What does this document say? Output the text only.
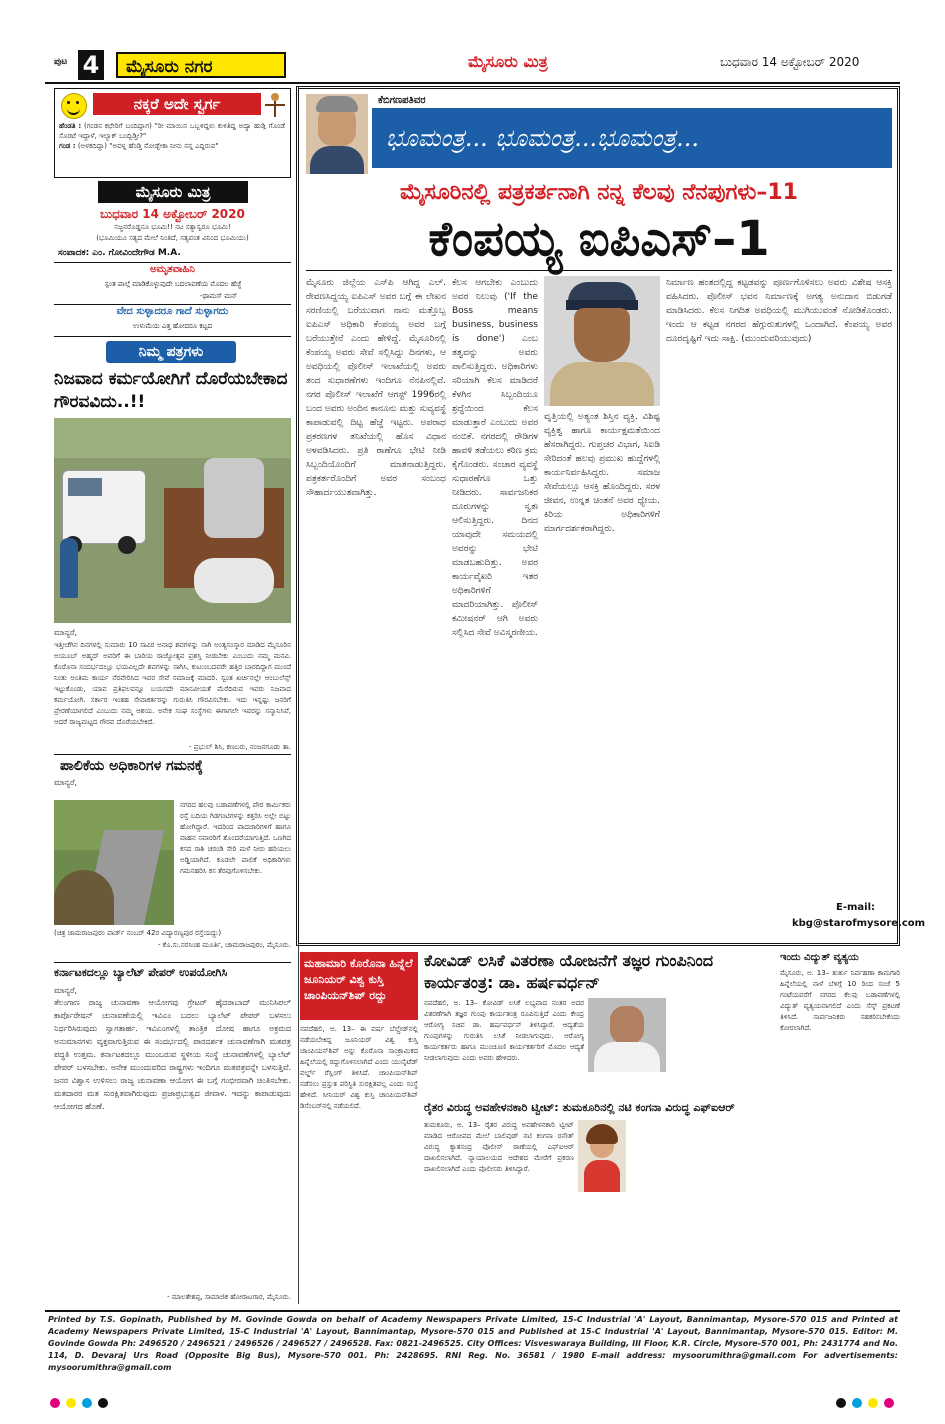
ಪುಟ 4	ಮೈಸೂರು ನಗರ	ಮೈಸೂರು ಮಿತ್ರ	ಬುಧವಾರ 14 ಅಕ್ಟೋಬರ್ 2020
ನಕ್ಕರೆ ಅದೇ ಸ್ವರ್ಗ
ಹೆಂಡತಿ : (ಗಂಡನ ಕಛೇರಿಗೆ ಬಂದಿದ್ದಾಗ) "ರೀ ಮಾಯಿನ ಒಬ್ಬಳಿದ್ದಳು ಕುಳಿತಿದ್ದ ಅದ್ಯಾ ಹುಡ್ಗಿ ಗೊಂಡೆ ಸೊರಟೆ ಇದ್ದಾಳೆ, ಇಲ್ಯಾಕ್ ಬಂದ್ಬಿಡ್ತೀ?"
ಗಂಡ : (ಅಳಕದಿದ್ದಾ) "ಅವಳ್ನ ಹೆಂಡ್ತಿ ನೋಡ್ಬೇಕಾ ನೀನು ನನ್ನ ಎದ್ದಿರುವ"
ಮೈಸೂರು ಮಿತ್ರ
ಬುಧವಾರ 14 ಅಕ್ಟೋಬರ್ 2020
ಸಜ್ಜನರೊಡ್ಡನೂ ಭೂಮಿ!! ನಟ ಸತ್ಯಾಸ್ವರೂ ಭೂಮಿ!
(ಭೂಮಿಯೂ ಸತ್ಯದ ಮೇಲೆ ನಿಂತಿದೆ, ಸತ್ಯವಂತ ವಿನಿಂದ ಭೂಮಿಯು)
ಸಂಪಾದಕ: ಎಂ. ಗೋವಿಂದೇಗೌಡ M.A.
ಅಮೃತವಾಹಿನಿ
ಸ್ಪಂತ ಪಾಲ್ಗೆ ಮಾಡಿಕೊಳ್ಳುವುದೇ ಬದಲಾವಣೆಯ ಮೊದಲ ಹೆಜ್ಜೆ
-ಥಾಮಸ್ ಮನ್
ವೇದ ಸುಳ್ಳಾದರೂ ಗಾದೆ ಸುಳ್ಳಾಗದು
ಉಳುಮೆಯ ಎತ್ತ ಹೋದರೂ ಕಟ್ಟದ
ನಿಮ್ಮ ಪತ್ರಗಳು
ನಿಜವಾದ ಕರ್ಮಯೋಗಿಗೆ ದೊರೆಯಬೇಕಾದ ಗೌರವವಿದು..!!
ಮಾನ್ಯರೆ,
ಇತ್ತೀಚೆಗಿನ ದಿನಗಳಲ್ಲಿ ಸುಮಾರು 10 ಸಾವಿರ ಅನಾಥ ಶವಗಳನ್ನು ನಾಗಿ ಅಂತ್ಯಸಂಸ್ಕಾರ ಮಾಡಿದ ಮೈಸೂರಿನ ಅಯೂಬ್ ಅಹ್ಮದ್ ಅವರಿಗೆ ಈ ಬಾರಿಯ ರಾಜ್ಯೋತ್ಸವ ಪ್ರಶಸ್ತಿ ನೀಡಬೇಕು ಎಂಬುದು ನಮ್ಮ ಮನವಿ. ಕೊರೊನಾ ಸಂದರ್ಭದಲ್ಲೂ ಭಯವಿಲ್ಲದೇ ಶವಗಳನ್ನು ಸಾಗಿಸಿ, ಕುಟುಂಬದವರೇ ಹತ್ತಿರ ಬಾರದಿದ್ದಾಗ ಮುಂದೆ ನಿಂತು ಅಂತಿಮ ಕಾರ್ಯ ನೆರವೇರಿಸಿದ ಇವರ ಸೇವೆ ಸಮಾಜಕ್ಕೆ ಮಾದರಿ. ಸ್ವಂತ ಖರ್ಚಿನಲ್ಲೇ ಆಂಬುಲೆನ್ಸ್ ಇಟ್ಟುಕೊಂಡು, ಯಾವ ಪ್ರತಿಫಲವನ್ನೂ ಬಯಸದೇ ಮಾನವೀಯತೆ ಮೆರೆದಿರುವ ಇವರು ನಿಜವಾದ ಕರ್ಮಯೋಗಿ. ಸರ್ಕಾರ ಇಂತಹ ಸೇವಾಕರ್ತರನ್ನು ಗುರುತಿಸಿ ಗೌರವಿಸಬೇಕು. ಇದು ಇನ್ನಷ್ಟು ಜನರಿಗೆ ಪ್ರೇರಣೆಯಾಗಲಿದೆ ಎಂಬುದು ನಮ್ಮ ಆಶಯ. ಅನೇಕ ಸಂಘ ಸಂಸ್ಥೆಗಳು ಈಗಾಗಲೇ ಇವರನ್ನು ಸನ್ಮಾನಿಸಿವೆ, ಆದರೆ ರಾಜ್ಯಮಟ್ಟದ ಗೌರವ ದೊರೆಯಬೇಕಿದೆ.
- ಪ್ರಭುಲ್ ಶಿಸಿ, ಕಣಬರು, ನಂಜನಗೂಡು ತಾ.
ಪಾಲಿಕೆಯ ಅಧಿಕಾರಿಗಳ ಗಮನಕ್ಕೆ
ಮಾನ್ಯರೆ,
ನಗರದ ಹಲವು ಬಡಾವಣೆಗಳಲ್ಲಿ ಪೌರ ಕಾರ್ಮಿಕರು ರಸ್ತೆ ಬದಿಯ ಗಿಡಗಂಟಿಗಳನ್ನು ಕತ್ತರಿಸಿ ಅಲ್ಲೇ ಬಿಟ್ಟು ಹೋಗಿದ್ದಾರೆ. ಇದರಿಂದ ಪಾದಚಾರಿಗಳಿಗೆ ಹಾಗೂ ವಾಹನ ಸವಾರರಿಗೆ ತೊಂದರೆಯಾಗುತ್ತಿದೆ. ಒಣಗಿದ ಕಸದ ರಾಶಿ ಚರಂಡಿ ಸೇರಿ ಮಳೆ ನೀರು ಹರಿಯಲು ಅಡ್ಡಿಯಾಗಿದೆ. ಕೂಡಲೇ ಪಾಲಿಕೆ ಅಧಿಕಾರಿಗಳು ಗಮನಹರಿಸಿ ಕಸ ತೆರವುಗೊಳಿಸಬೇಕು.
(ಚಿತ್ರ ಜಾಮರಾಜಪುರಂ ವಾರ್ಡ್ ನಂಬರ್ 42ರ ವಿದ್ಯಾರಣ್ಯಪುರ ರಸ್ತೆಯದ್ದು)
- ಕೊ.ಸು.ನರಸಿಂಹ ಮೂರ್ತಿ, ಚಾಮರಾಜಪುರಂ, ಮೈಸೂರು.
ಕರ್ನಾಟಕದಲ್ಲೂ ಬ್ಯಾಲೆಟ್ ಪೇಪರ್ ಉಪಯೋಗಿಸಿ
ಮಾನ್ಯರೆ,
ತೆಲಂಗಾಣ ರಾಜ್ಯ ಚುನಾವಣಾ ಆಯೋಗವು ಗ್ರೇಟರ್ ಹೈದರಾಬಾದ್ ಮುನಿಸಿಪಲ್ ಕಾರ್ಪೊರೇಷನ್ ಚುನಾವಣೆಯಲ್ಲಿ ಇವಿಎಂ ಬದಲು ಬ್ಯಾಲೆಟ್ ಪೇಪರ್ ಬಳಸಲು ನಿರ್ಧರಿಸಿರುವುದು ಸ್ವಾಗತಾರ್ಹ. ಇವಿಎಂಗಳಲ್ಲಿ ತಾಂತ್ರಿಕ ದೋಷ ಹಾಗೂ ಅಕ್ರಮದ ಅನುಮಾನಗಳು ವ್ಯಕ್ತವಾಗುತ್ತಿರುವ ಈ ಸಂದರ್ಭದಲ್ಲಿ ಪಾರದರ್ಶಕ ಚುನಾವಣೆಗಾಗಿ ಮತಪತ್ರ ಪದ್ಧತಿ ಉತ್ತಮ. ಕರ್ನಾಟಕದಲ್ಲೂ ಮುಂಬರುವ ಸ್ಥಳೀಯ ಸಂಸ್ಥೆ ಚುನಾವಣೆಗಳಲ್ಲಿ ಬ್ಯಾಲೆಟ್ ಪೇಪರ್ ಬಳಸಬೇಕು. ಅನೇಕ ಮುಂದುವರಿದ ರಾಷ್ಟ್ರಗಳು ಇಂದಿಗೂ ಮತಪತ್ರವನ್ನೇ ಬಳಸುತ್ತಿವೆ. ಜನರ ವಿಶ್ವಾಸ ಉಳಿಸಲು ರಾಜ್ಯ ಚುನಾವಣಾ ಆಯೋಗ ಈ ಬಗ್ಗೆ ಗಂಭೀರವಾಗಿ ಚಿಂತಿಸಬೇಕು. ಮತದಾರರ ಮತ ಸುರಕ್ಷಿತವಾಗಿರುವುದು ಪ್ರಜಾಪ್ರಭುತ್ವದ ಜೀವಾಳ. ಇದನ್ನು ಕಾಪಾಡುವುದು ಆಯೋಗದ ಹೊಣೆ.
- ಮಾಲತೇಶಪ್ಪ, ಸಾಮಾಜಿಕ ಹೋರಾಟಗಾರ, ಮೈಸೂರು.
ಕೆಬಿಗಣಪತಿವರ
ಭೂಮಂತ್ರ... ಭೂಮಂತ್ರ...ಭೂಮಂತ್ರ...
ಮೈಸೂರಿನಲ್ಲಿ ಪತ್ರಕರ್ತನಾಗಿ ನನ್ನ ಕೆಲವು ನೆನಪುಗಳು–11
ಕೆಂಪಯ್ಯ ಐಪಿಎಸ್–1
ಮೈಸೂರು ಜಿಲ್ಲೆಯ ಎಸ್‌ಪಿ ಆಗಿದ್ದ ಎಲ್. ರೇವಣಸಿದ್ದಯ್ಯ ಐಪಿಎಸ್ ಅವರ ಬಗ್ಗೆ ಈ ಲೇಖನ ಸರಣಿಯಲ್ಲಿ ಬರೆಯುವಾಗ ನಾನು ಮತ್ತೊಬ್ಬ ಐಪಿಎಸ್ ಅಧಿಕಾರಿ ಕೆಂಪಯ್ಯ ಅವರ ಬಗ್ಗೆ ಬರೆಯುತ್ತೇನೆ ಎಂದು ಹೇಳಿದ್ದೆ. ಮೈಸೂರಿನಲ್ಲಿ ಕೆಂಪಯ್ಯ ಅವರು ಸೇವೆ ಸಲ್ಲಿಸಿದ್ದು ದಿನಗಳು, ಆ ಅವಧಿಯಲ್ಲಿ ಪೊಲೀಸ್ ಇಲಾಖೆಯಲ್ಲಿ ಅವರು ತಂದ ಸುಧಾರಣೆಗಳು ಇಂದಿಗೂ ನೆನಪಿನಲ್ಲಿವೆ. ನಗರ ಪೊಲೀಸ್ ಇಲಾಖೆಗೆ ಆಗಸ್ಟ್ 1996ರಲ್ಲಿ ಬಂದ ಅವರು ಅಂದಿನ ಕಾನೂನು ಮತ್ತು ಸುವ್ಯವಸ್ಥೆ ಕಾಪಾಡುವಲ್ಲಿ ದಿಟ್ಟ ಹೆಜ್ಜೆ ಇಟ್ಟರು. ಅಪರಾಧ ಪ್ರಕರಣಗಳ ತನಿಖೆಯಲ್ಲಿ ಹೊಸ ವಿಧಾನ ಅಳವಡಿಸಿದರು. ಪ್ರತಿ ಠಾಣೆಗೂ ಭೇಟಿ ನೀಡಿ ಸಿಬ್ಬಂದಿಯೊಂದಿಗೆ ಮಾತನಾಡುತ್ತಿದ್ದರು. ಪತ್ರಕರ್ತರೊಂದಿಗೆ ಅವರ ಸಂಬಂಧ ಸೌಹಾರ್ದಯುತವಾಗಿತ್ತು.
ಕೆಲಸ ಆಗಬೇಕು ಎಂಬುದು ಅವರ ನಿಲುವು ('If the Boss means business, business is done') ಎಂಬ ತತ್ವವನ್ನು ಅವರು ಪಾಲಿಸುತ್ತಿದ್ದರು. ಅಧಿಕಾರಿಗಳು ಸರಿಯಾಗಿ ಕೆಲಸ ಮಾಡಿದರೆ ಕೆಳಗಿನ ಸಿಬ್ಬಂದಿಯೂ ಶ್ರದ್ಧೆಯಿಂದ ಕೆಲಸ ಮಾಡುತ್ತಾರೆ ಎಂಬುದು ಅವರ ನಂಬಿಕೆ. ನಗರದಲ್ಲಿ ರೌಡಿಗಳ ಹಾವಳಿ ತಡೆಯಲು ಕಠಿಣ ಕ್ರಮ ಕೈಗೊಂಡರು. ಸಂಚಾರ ವ್ಯವಸ್ಥೆ ಸುಧಾರಣೆಗೂ ಒತ್ತು ನೀಡಿದರು. ಸಾರ್ವಜನಿಕರ ದೂರುಗಳನ್ನು ಸ್ವತಃ ಆಲಿಸುತ್ತಿದ್ದರು. ದಿನದ ಯಾವುದೇ ಸಮಯದಲ್ಲಿ ಅವರನ್ನು ಭೇಟಿ ಮಾಡಬಹುದಿತ್ತು. ಅವರ ಕಾರ್ಯವೈಖರಿ ಇತರ ಅಧಿಕಾರಿಗಳಿಗೆ ಮಾದರಿಯಾಗಿತ್ತು. ಪೊಲೀಸ್ ಕಮೀಷನರ್ ಆಗಿ ಅವರು ಸಲ್ಲಿಸಿದ ಸೇವೆ ಅವಿಸ್ಮರಣೀಯ.
ವೃತ್ತಿಯಲ್ಲಿ ಅತ್ಯಂತ ಶಿಸ್ತಿನ ವ್ಯಕ್ತಿ. ವಿಶಿಷ್ಟ ವ್ಯಕ್ತಿತ್ವ ಹಾಗೂ ಕಾರ್ಯಕ್ಷಮತೆಯಿಂದ ಹೆಸರಾಗಿದ್ದರು. ಗುಪ್ತಚರ ವಿಭಾಗ, ಸಿಐಡಿ ಸೇರಿದಂತೆ ಹಲವು ಪ್ರಮುಖ ಹುದ್ದೆಗಳಲ್ಲಿ ಕಾರ್ಯನಿರ್ವಹಿಸಿದ್ದರು. ಸಮಾಜ ಸೇವೆಯಲ್ಲೂ ಆಸಕ್ತಿ ಹೊಂದಿದ್ದರು. ಸರಳ ಜೀವನ, ಉನ್ನತ ಚಿಂತನೆ ಅವರ ಧ್ಯೇಯ. ಕಿರಿಯ ಅಧಿಕಾರಿಗಳಿಗೆ ಮಾರ್ಗದರ್ಶಕರಾಗಿದ್ದರು.
ನಿರ್ಮಾಣ ಹಂತದಲ್ಲಿದ್ದ ಕಟ್ಟಡವನ್ನು ಪೂರ್ಣಗೊಳಿಸಲು ಅವರು ವಿಶೇಷ ಆಸಕ್ತಿ ವಹಿಸಿದರು. ಪೊಲೀಸ್ ಭವನ ನಿರ್ಮಾಣಕ್ಕೆ ಅಗತ್ಯ ಅನುದಾನ ಬಿಡುಗಡೆ ಮಾಡಿಸಿದರು. ಕೆಲಸ ನಿಗದಿತ ಅವಧಿಯಲ್ಲಿ ಮುಗಿಯುವಂತೆ ನೋಡಿಕೊಂಡರು. ಇಂದು ಆ ಕಟ್ಟಡ ನಗರದ ಹೆಗ್ಗುರುತುಗಳಲ್ಲಿ ಒಂದಾಗಿದೆ. ಕೆಂಪಯ್ಯ ಅವರ ದೂರದೃಷ್ಟಿಗೆ ಇದು ಸಾಕ್ಷಿ. (ಮುಂದುವರಿಯುವುದು)
E-mail:
kbg@starofmysore.com
ಮಹಾಮಾರಿ ಕೊರೊನಾ ಹಿನ್ನೆಲೆ ಜೂನಿಯರ್ ವಿಶ್ವ ಕುಸ್ತಿ ಚಾಂಪಿಯನ್‌ಶಿಪ್ ರದ್ದು
ನವದೆಹಲಿ, ಅ. 13– ಈ ವರ್ಷ ಬೆಲ್ಗ್ರೇಡ್‌ನಲ್ಲಿ ನಡೆಯಬೇಕಿದ್ದ ಜೂನಿಯರ್ ವಿಶ್ವ ಕುಸ್ತಿ ಚಾಂಪಿಯನ್‌ಶಿಪ್ ಅನ್ನು ಕೊರೊನಾ ಸಾಂಕ್ರಾಮಿಕದ ಹಿನ್ನೆಲೆಯಲ್ಲಿ ರದ್ದುಗೊಳಿಸಲಾಗಿದೆ ಎಂದು ಯುನೈಟೆಡ್ ವರ್ಲ್ಡ್ ರೆಸ್ಲಿಂಗ್ ತಿಳಿಸಿದೆ. ಚಾಂಪಿಯನ್‌ಶಿಪ್ ನಡೆಸಲು ಪ್ರಸ್ತುತ ಪರಿಸ್ಥಿತಿ ಸುರಕ್ಷಿತವಲ್ಲ ಎಂದು ಸಂಸ್ಥೆ ಹೇಳಿದೆ. ಸೀನಿಯರ್ ವಿಶ್ವ ಕುಸ್ತಿ ಚಾಂಪಿಯನ್‌ಶಿಪ್ ಡಿಸೆಂಬರ್‌ನಲ್ಲಿ ನಡೆಯಲಿದೆ.
ಕೋವಿಡ್ ಲಸಿಕೆ ವಿತರಣಾ ಯೋಜನೆಗೆ ತಜ್ಞರ ಗುಂಪಿನಿಂದ ಕಾರ್ಯತಂತ್ರ: ಡಾ. ಹರ್ಷವರ್ಧನ್
ನವದೆಹಲಿ, ಅ. 13– ಕೋವಿಡ್ ಲಸಿಕೆ ಲಭ್ಯವಾದ ನಂತರ ಅದರ ವಿತರಣೆಗಾಗಿ ತಜ್ಞರ ಗುಂಪು ಕಾರ್ಯತಂತ್ರ ರೂಪಿಸುತ್ತಿದೆ ಎಂದು ಕೇಂದ್ರ ಆರೋಗ್ಯ ಸಚಿವ ಡಾ. ಹರ್ಷವರ್ಧನ್ ತಿಳಿಸಿದ್ದಾರೆ. ಆದ್ಯತೆಯ ಗುಂಪುಗಳನ್ನು ಗುರುತಿಸಿ ಲಸಿಕೆ ನೀಡಲಾಗುವುದು. ಆರೋಗ್ಯ ಕಾರ್ಯಕರ್ತರು ಹಾಗೂ ಮುಂಚೂಣಿ ಕಾರ್ಯಕರ್ತರಿಗೆ ಮೊದಲ ಆದ್ಯತೆ ನೀಡಲಾಗುವುದು ಎಂದು ಅವರು ಹೇಳಿದರು.
ರೈತರ ವಿರುದ್ಧ ಅವಹೇಳನಕಾರಿ ಟ್ವೀಟ್: ತುಮಕೂರಿನಲ್ಲಿ ನಟಿ ಕಂಗನಾ ವಿರುದ್ಧ ಎಫ್‌ಐಆರ್
ತುಮಕೂರು, ಅ. 13– ರೈತರ ವಿರುದ್ಧ ಅವಹೇಳನಕಾರಿ ಟ್ವೀಟ್ ಮಾಡಿದ ಆರೋಪದ ಮೇಲೆ ಬಾಲಿವುಡ್ ನಟಿ ಕಂಗನಾ ರನೌತ್ ವಿರುದ್ಧ ಕ್ಯಾತಸಂದ್ರ ಪೊಲೀಸ್ ಠಾಣೆಯಲ್ಲಿ ಎಫ್‌ಐಆರ್ ದಾಖಲಿಸಲಾಗಿದೆ. ನ್ಯಾಯಾಲಯದ ಆದೇಶದ ಮೇರೆಗೆ ಪ್ರಕರಣ ದಾಖಲಿಸಲಾಗಿದೆ ಎಂದು ಪೊಲೀಸರು ತಿಳಿಸಿದ್ದಾರೆ.
ಇಂದು ವಿದ್ಯುತ್ ವ್ಯತ್ಯಯ
ಮೈಸೂರು, ಅ. 13– ತುರ್ತು ನಿರ್ವಹಣಾ ಕಾಮಗಾರಿ ಹಿನ್ನೆಲೆಯಲ್ಲಿ ನಾಳೆ ಬೆಳಿಗ್ಗೆ 10 ರಿಂದ ಸಂಜೆ 5 ಗಂಟೆಯವರೆಗೆ ನಗರದ ಕೆಲವು ಬಡಾವಣೆಗಳಲ್ಲಿ ವಿದ್ಯುತ್ ವ್ಯತ್ಯಯವಾಗಲಿದೆ ಎಂದು ಸೆಸ್ಕ್ ಪ್ರಕಟಣೆ ತಿಳಿಸಿದೆ. ಸಾರ್ವಜನಿಕರು ಸಹಕರಿಸಬೇಕೆಂದು ಕೋರಲಾಗಿದೆ.
Printed by T.S. Gopinath, Published by M. Govinde Gowda on behalf of Academy Newspapers Private Limited, 15-C Industrial 'A' Layout, Bannimantap, Mysore-570 015 and Printed at Academy Newspapers Private Limited, 15-C Industrial 'A' Layout, Bannimantap, Mysore-570 015 and Published at 15-C Industrial 'A' Layout, Bannimantap, Mysore-570 015. Editor: M. Govinde Gowda Ph: 2496520 / 2496521 / 2496526 / 2496527 / 2496528. Fax: 0821-2496525. City Offices: Visveswaraya Building, III Floor, K.R. Circle, Mysore-570 001, Ph: 2431774 and No. 114, D. Devaraj Urs Road (Opposite Big Bus), Mysore-570 001. Ph: 2428695. RNI Reg. No. 36581 / 1980 E-mail address: mysoorumithra@gmail.com For advertisements: mysoorumithra@gmail.com
